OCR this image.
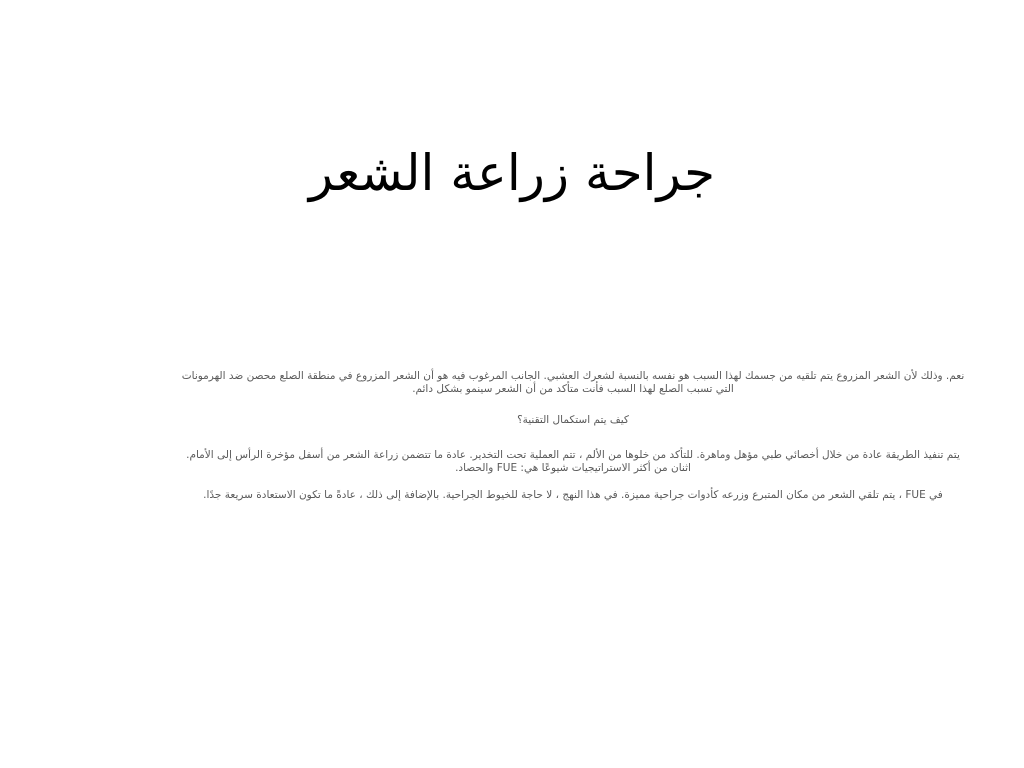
جراحة زراعة الشعر

نعم. وذلك لأن الشعر المزروع يتم تلقيه من جسمك لهذا السبب هو نفسه بالنسبة لشعرك العشبي. الجانب المرغوب فيه هو أن الشعر المزروع في منطقة الصلع محصن ضد الهرمونات التي تسبب الصلع لهذا السبب فأنت متأكد من أن الشعر سينمو بشكل دائم.

كيف يتم استكمال التقنية؟

يتم تنفيذ الطريقة عادة من خلال أخصائي طبي مؤهل وماهرة. للتأكد من خلوها من الألم ، تتم العملية تحت التخدير. عادة ما تتضمن زراعة الشعر من أسفل مؤخرة الرأس إلى الأمام. اثنان من أكثر الاستراتيجيات شيوعًا هي: FUE والحصاد.

في FUE ، يتم تلقي الشعر من مكان المتبرع وزرعه كأدوات جراحية مميزة. في هذا النهج ، لا حاجة للخيوط الجراحية. بالإضافة إلى ذلك ، عادةً ما تكون الاستعادة سريعة جدًا.
